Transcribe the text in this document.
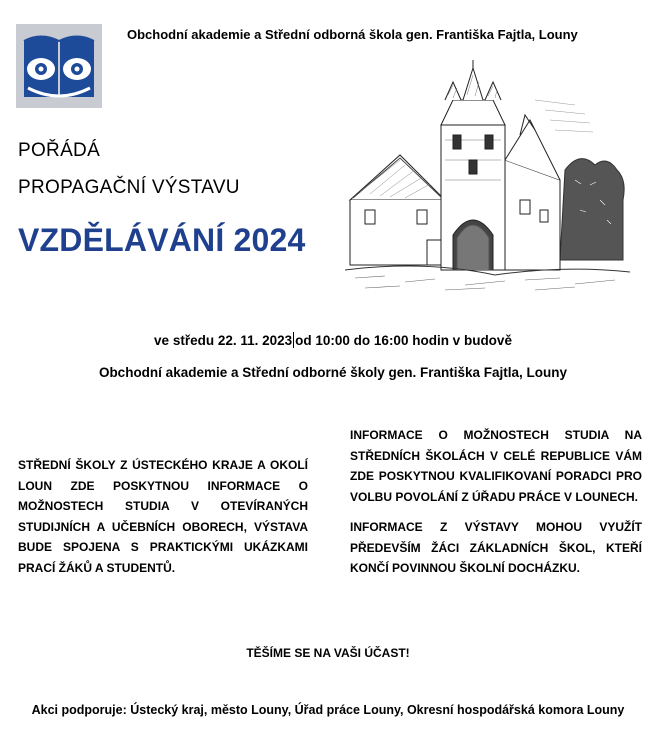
Obchodní akademie a Střední odborná škola gen. Františka Fajtla, Louny
POŘÁDÁ
PROPAGAČNÍ VÝSTAVU
VZDĚLÁVÁNÍ 2024
ve středu 22. 11. 2023 od 10:00 do 16:00 hodin v budově
Obchodní akademie a Střední odborné školy gen. Františka Fajtla, Louny
STŘEDNÍ ŠKOLY Z ÚSTECKÉHO KRAJE A OKOLÍ LOUN ZDE POSKYTNOU INFORMACE O MOŽNOSTECH STUDIA V OTEVÍRANÝCH STUDIJNÍCH A UČEBNÍCH OBORECH, VÝSTAVA BUDE SPOJENA S PRAKTICKÝMI UKÁZKAMI PRACÍ ŽÁKŮ A STUDENTŮ.
INFORMACE O MOŽNOSTECH STUDIA NA STŘEDNÍCH ŠKOLÁCH V CELÉ REPUBLICE VÁM ZDE POSKYTNOU KVALIFIKOVANÍ PORADCI PRO VOLBU POVOLÁNÍ Z ÚŘADU PRÁCE V LOUNECH.
INFORMACE Z VÝSTAVY MOHOU VYUŽÍT PŘEDEVŠÍM ŽÁCI ZÁKLADNÍCH ŠKOL, KTEŘÍ KONČÍ POVINNOU ŠKOLNÍ DOCHÁZKU.
TĚŠÍME SE NA VAŠI ÚČAST!
Akci podporuje: Ústecký kraj, město Louny, Úřad práce Louny, Okresní hospodářská komora Louny
